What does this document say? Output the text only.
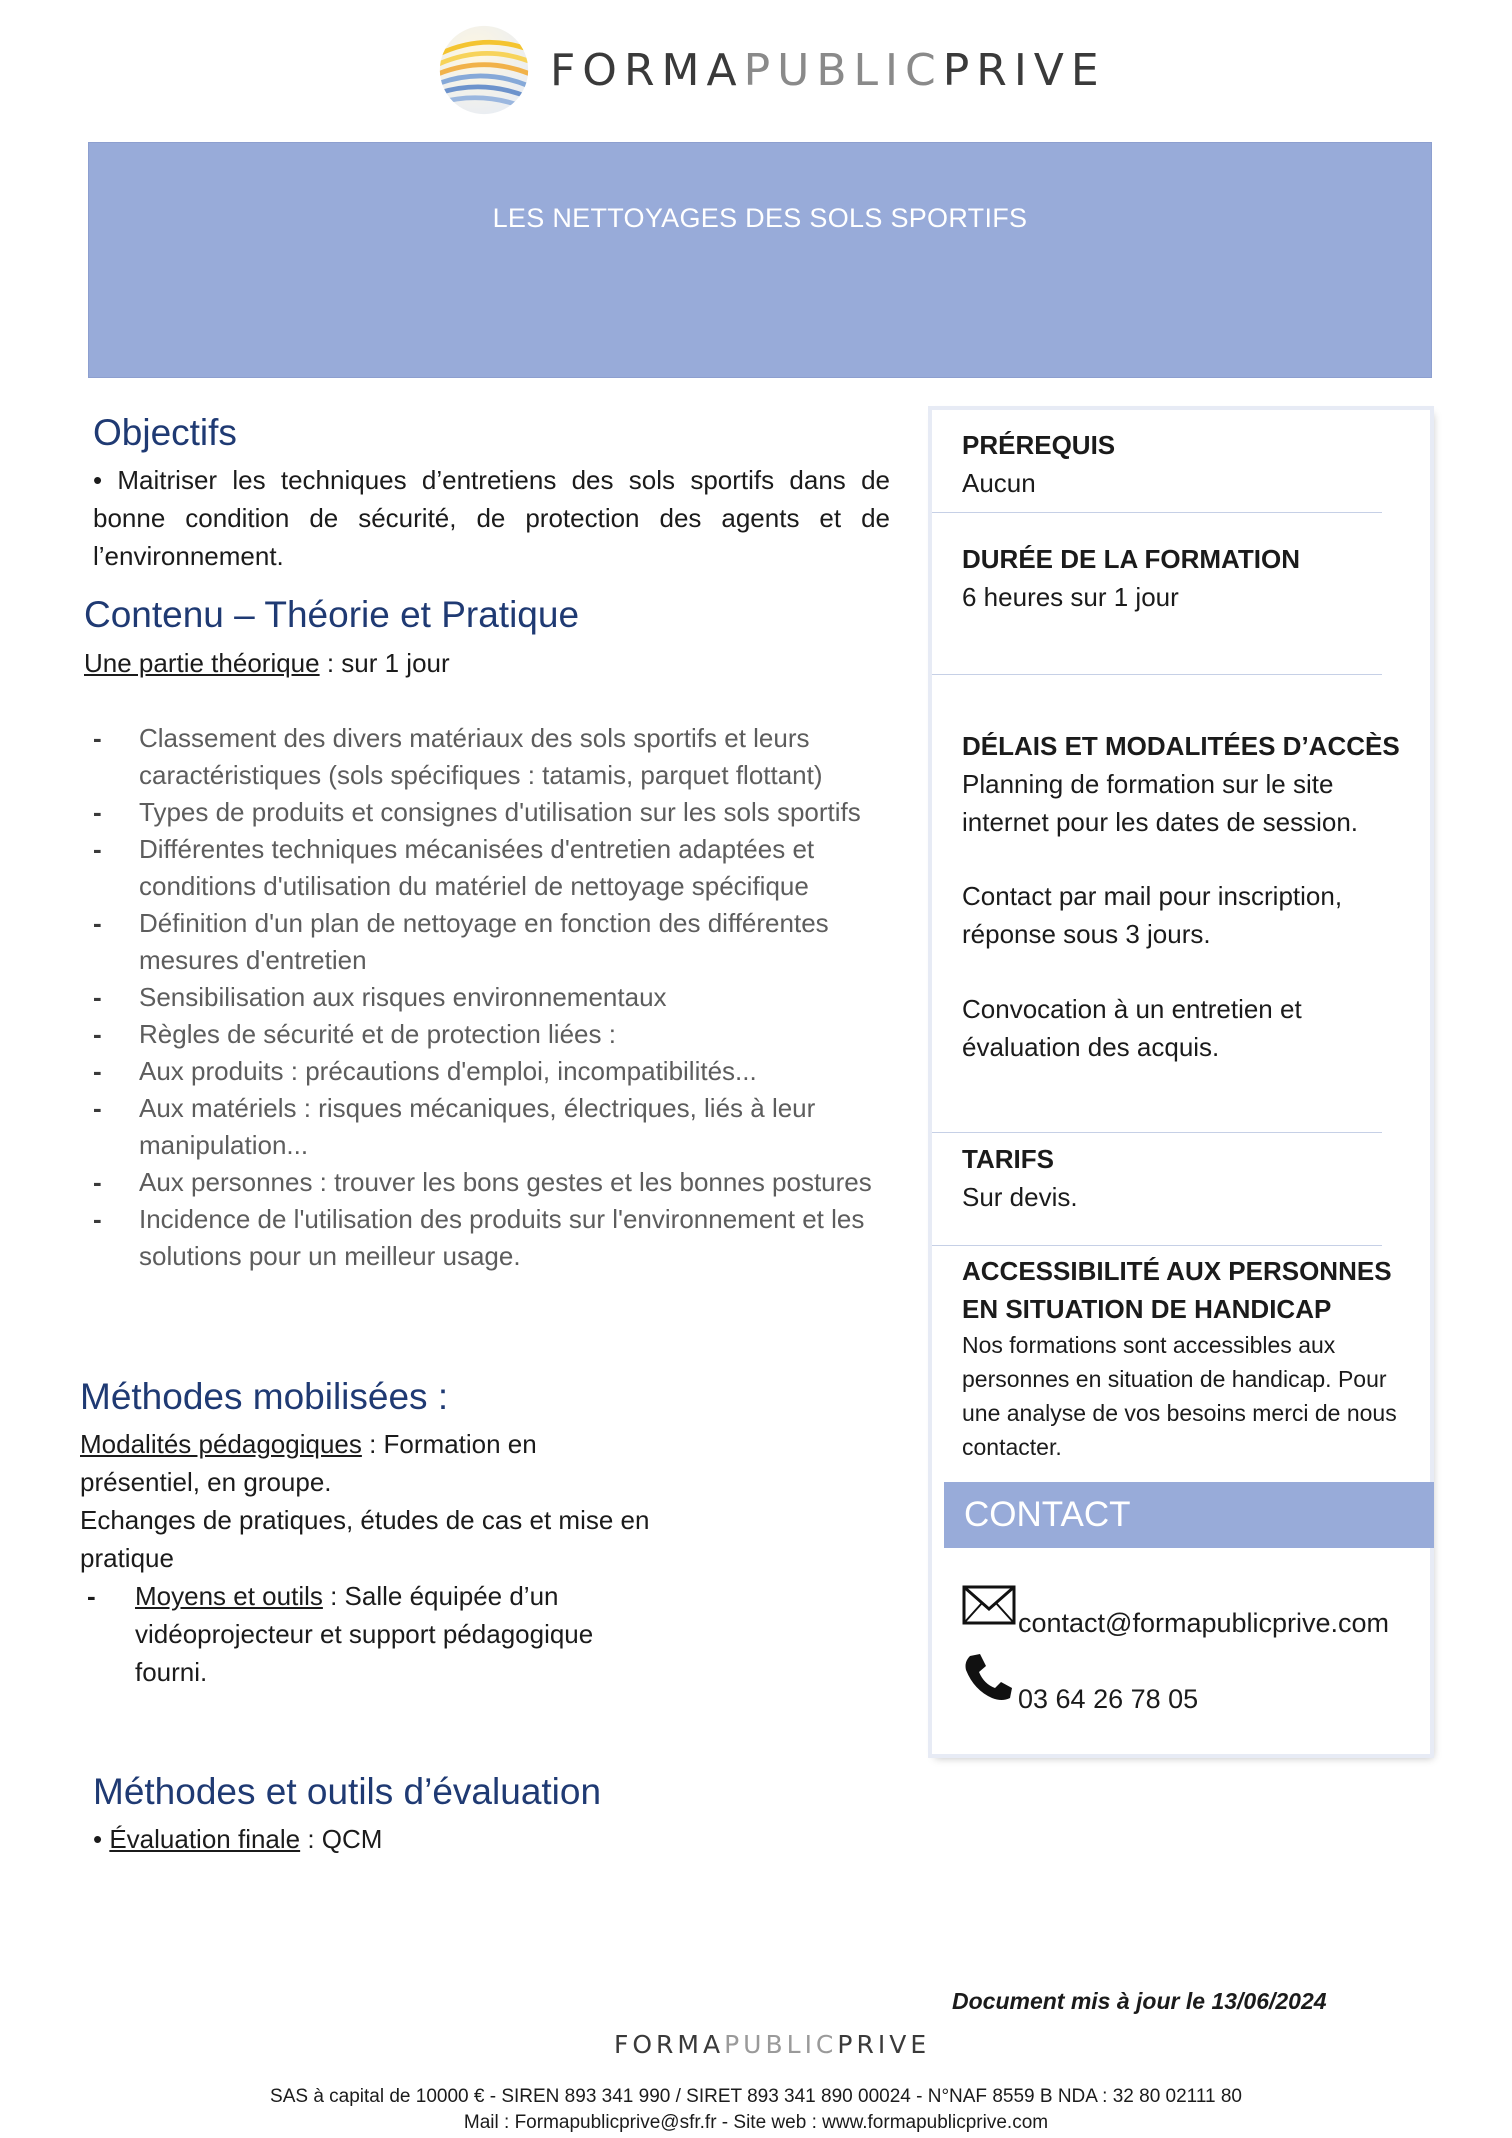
FORMAPUBLICPRIVE
LES NETTOYAGES DES SOLS SPORTIFS
Objectifs
• Maitriser les techniques d’entretiens des sols sportifs dans de bonne condition de sécurité, de protection des agents et de l’environnement.
Contenu – Théorie et Pratique
Une partie théorique : sur 1 jour
- Classement des divers matériaux des sols sportifs et leurs caractéristiques (sols spécifiques : tatamis, parquet flottant)
- Types de produits et consignes d'utilisation sur les sols sportifs
- Différentes techniques mécanisées d'entretien adaptées et conditions d'utilisation du matériel de nettoyage spécifique
- Définition d'un plan de nettoyage en fonction des différentes mesures d'entretien
- Sensibilisation aux risques environnementaux
- Règles de sécurité et de protection liées :
- Aux produits : précautions d'emploi, incompatibilités...
- Aux matériels : risques mécaniques, électriques, liés à leur manipulation...
- Aux personnes : trouver les bons gestes et les bonnes postures
- Incidence de l'utilisation des produits sur l'environnement et les solutions pour un meilleur usage.
Méthodes mobilisées :
Modalités pédagogiques : Formation en présentiel, en groupe.
Echanges de pratiques, études de cas et mise en pratique
- Moyens et outils : Salle équipée d’un vidéoprojecteur et support pédagogique fourni.
Méthodes et outils d’évaluation
• Évaluation finale : QCM
PRÉREQUIS
Aucun
DURÉE DE LA FORMATION
6 heures sur 1 jour
DÉLAIS ET MODALITÉES D’ACCÈS
Planning de formation sur le site internet pour les dates de session.
Contact par mail pour inscription, réponse sous 3 jours.
Convocation à un entretien et évaluation des acquis.
TARIFS
Sur devis.
ACCESSIBILITÉ AUX PERSONNES EN SITUATION DE HANDICAP
Nos formations sont accessibles aux personnes en situation de handicap. Pour une analyse de vos besoins merci de nous contacter.
CONTACT
contact@formapublicprive.com
03 64 26 78 05
Document mis à jour le 13/06/2024
FORMAPUBLICPRIVE
SAS à capital de 10000 € - SIREN 893 341 990 / SIRET 893 341 890 00024 - N°NAF 8559 B NDA : 32 80 02111 80
Mail : Formapublicprive@sfr.fr - Site web : www.formapublicprive.com
